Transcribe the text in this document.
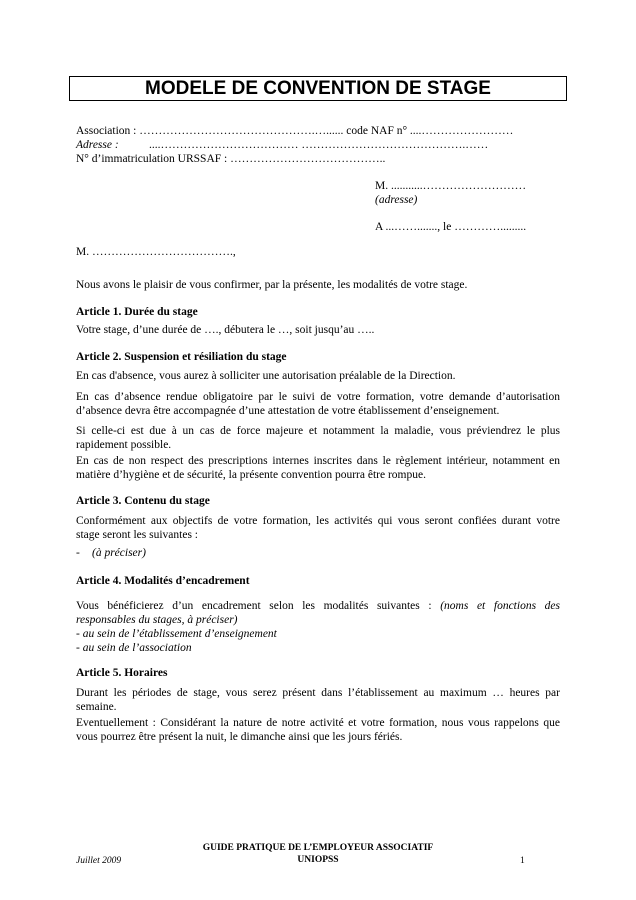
MODELE DE CONVENTION DE STAGE
Association : ……………………………………….…...... code NAF n° ....……………………
Adresse :	....……………………………… …………………………………….……
N° d’immatriculation URSSAF : …………………………………..
M. ...........………………………
(adresse)
A ...……......., le ………….........
M. ……………………………….,
Nous avons le plaisir de vous confirmer, par la présente, les modalités de votre stage.
Article 1. Durée du stage
Votre stage, d’une durée de …., débutera le …, soit jusqu’au …..
Article 2. Suspension et résiliation du stage
En cas d'absence, vous aurez à solliciter une autorisation préalable de la Direction.
En cas d’absence rendue obligatoire par le suivi de votre formation, votre demande d’autorisation
d’absence devra être accompagnée d’une attestation de votre établissement d’enseignement.
Si celle-ci est due à un cas de force majeure et notamment la maladie, vous préviendrez le plus
rapidement possible.
En cas de non respect des prescriptions internes inscrites dans le règlement intérieur, notamment en
matière d’hygiène et de sécurité, la présente convention pourra être rompue.
Article 3. Contenu du stage
Conformément aux objectifs de votre formation, les activités qui vous seront confiées durant votre
stage seront les suivantes :
- (à préciser)
Article 4. Modalités d’encadrement
Vous bénéficierez d’un encadrement selon les modalités suivantes : (noms et fonctions des
responsables du stages, à préciser)
- au sein de l’établissement d’enseignement
- au sein de l’association
Article 5. Horaires
Durant les périodes de stage, vous serez présent dans l’établissement au maximum … heures par
semaine.
Eventuellement : Considérant la nature de notre activité et votre formation, nous vous rappelons que
vous pourrez être présent la nuit, le dimanche ainsi que les jours fériés.
GUIDE PRATIQUE DE L’EMPLOYEUR ASSOCIATIF
UNIOPSS
Juillet 2009	1
